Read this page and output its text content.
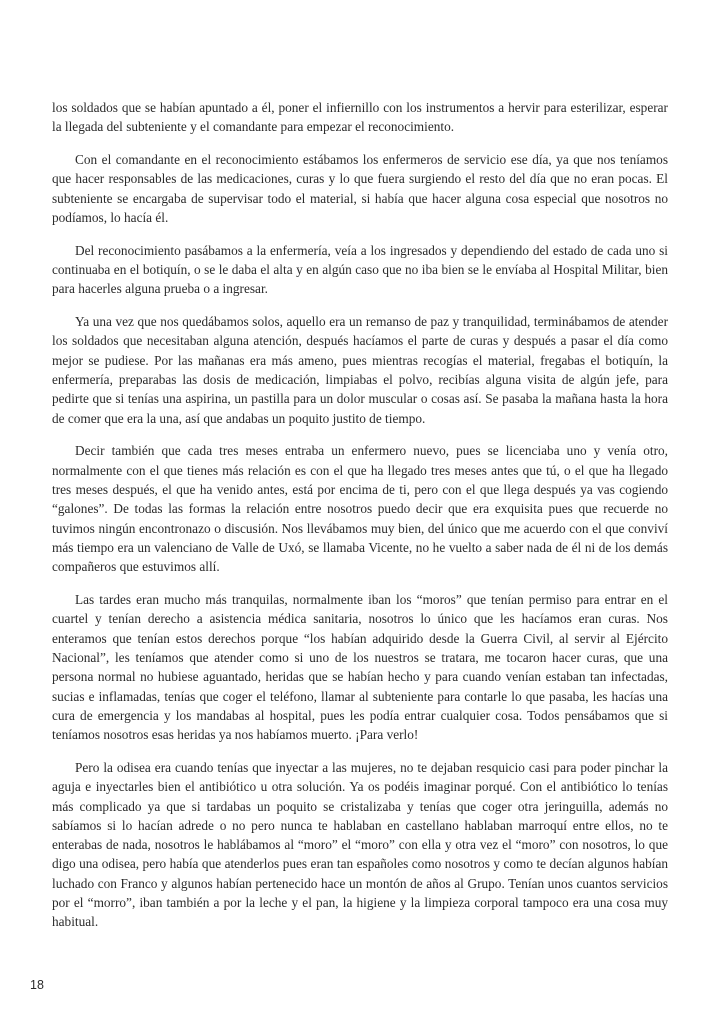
los soldados que se habían apuntado a él, poner el infiernillo con los instrumentos a hervir para esterilizar, esperar la llegada del subteniente y el comandante para empezar el reconocimiento.

Con el comandante en el reconocimiento estábamos los enfermeros de servicio ese día, ya que nos teníamos que hacer responsables de las medicaciones, curas y lo que fuera surgiendo el resto del día que no eran pocas. El subteniente se encargaba de supervisar todo el material, si había que hacer alguna cosa especial que nosotros no podíamos, lo hacía él.

Del reconocimiento pasábamos a la enfermería, veía a los ingresados y dependiendo del estado de cada uno si continuaba en el botiquín, o se le daba el alta y en algún caso que no iba bien se le envíaba al Hospital Militar, bien para hacerles alguna prueba o a ingresar.

Ya una vez que nos quedábamos solos, aquello era un remanso de paz y tranquilidad, terminábamos de atender los soldados que necesitaban alguna atención, después hacíamos el parte de curas y después a pasar el día como mejor se pudiese. Por las mañanas era más ameno, pues mientras recogías el material, fregabas el botiquín, la enfermería, preparabas las dosis de medicación, limpiabas el polvo, recibías alguna visita de algún jefe, para pedirte que si tenías una aspirina, un pastilla para un dolor muscular o cosas así. Se pasaba la mañana hasta la hora de comer que era la una, así que andabas un poquito justito de tiempo.

Decir también que cada tres meses entraba un enfermero nuevo, pues se licenciaba uno y venía otro, normalmente con el que tienes más relación es con el que ha llegado tres meses antes que tú, o el que ha llegado tres meses después, el que ha venido antes, está por encima de ti, pero con el que llega después ya vas cogiendo “galones”. De todas las formas la relación entre nosotros puedo decir que era exquisita pues que recuerde no tuvimos ningún encontronazo o discusión. Nos llevábamos muy bien, del único que me acuerdo con el que conviví más tiempo era un valenciano de Valle de Uxó, se llamaba Vicente, no he vuelto a saber nada de él ni de los demás compañeros que estuvimos allí.

Las tardes eran mucho más tranquilas, normalmente iban los “moros” que tenían permiso para entrar en el cuartel y tenían derecho a asistencia médica sanitaria, nosotros lo único que les hacíamos eran curas. Nos enteramos que tenían estos derechos porque “los habían adquirido desde la Guerra Civil, al servir al Ejército Nacional”, les teníamos que atender como si uno de los nuestros se tratara, me tocaron hacer curas, que una persona normal no hubiese aguantado, heridas que se habían hecho y para cuando venían estaban tan infectadas, sucias e inflamadas, tenías que coger el teléfono, llamar al subteniente para contarle lo que pasaba, les hacías una cura de emergencia y los mandabas al hospital, pues les podía entrar cualquier cosa. Todos pensábamos que si teníamos nosotros esas heridas ya nos habíamos muerto. ¡Para verlo!

Pero la odisea era cuando tenías que inyectar a las mujeres, no te dejaban resquicio casi para poder pinchar la aguja e inyectarles bien el antibiótico u otra solución. Ya os podéis imaginar porqué. Con el antibiótico lo tenías más complicado ya que si tardabas un poquito se cristalizaba y tenías que coger otra jeringuilla, además no sabíamos si lo hacían adrede o no pero nunca te hablaban en castellano hablaban marroquí entre ellos, no te enterabas de nada, nosotros le hablábamos al “moro” el “moro” con ella y otra vez el “moro” con nosotros, lo que digo una odisea, pero había que atenderlos pues eran tan españoles como nosotros y como te decían algunos habían luchado con Franco y algunos habían pertenecido hace un montón de años al Grupo. Tenían unos cuantos servicios por el “morro”, iban también a por la leche y el pan, la higiene y la limpieza corporal tampoco era una cosa muy habitual.

18
